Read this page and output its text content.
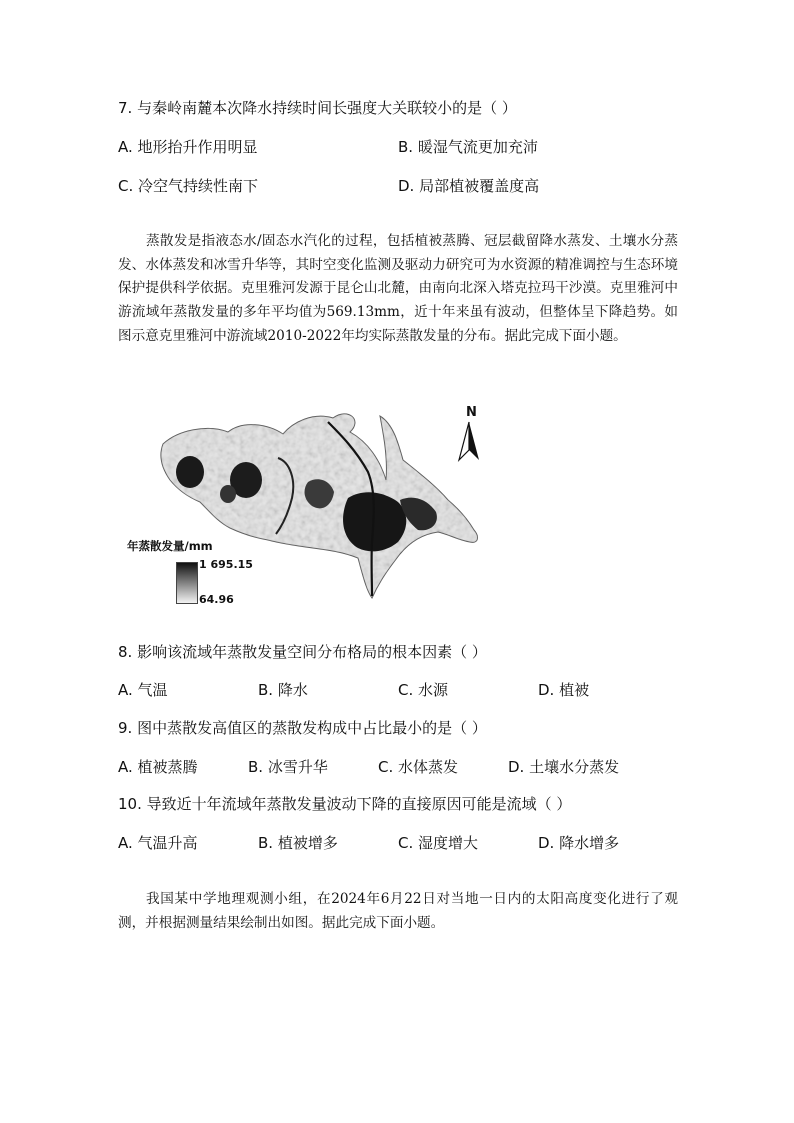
7. 与秦岭南麓本次降水持续时间长强度大关联较小的是（ ）
A. 地形抬升作用明显	B. 暖湿气流更加充沛
C. 冷空气持续性南下	D. 局部植被覆盖度高
蒸散发是指液态水/固态水汽化的过程，包括植被蒸腾、冠层截留降水蒸发、土壤水分蒸发、水体蒸发和冰雪升华等，其时空变化监测及驱动力研究可为水资源的精准调控与生态环境保护提供科学依据。克里雅河发源于昆仑山北麓，由南向北深入塔克拉玛干沙漠。克里雅河中游流域年蒸散发量的多年平均值为569.13mm，近十年来虽有波动，但整体呈下降趋势。如图示意克里雅河中游流域2010-2022年均实际蒸散发量的分布。据此完成下面小题。
年蒸散发量/mm
1 695.15
64.96
N
8. 影响该流域年蒸散发量空间分布格局的根本因素（ ）
A. 气温	B. 降水	C. 水源	D. 植被
9. 图中蒸散发高值区的蒸散发构成中占比最小的是（ ）
A. 植被蒸腾	B. 冰雪升华	C. 水体蒸发	D. 土壤水分蒸发
10. 导致近十年流域年蒸散发量波动下降的直接原因可能是流域（ ）
A. 气温升高	B. 植被增多	C. 湿度增大	D. 降水增多
我国某中学地理观测小组，在2024年6月22日对当地一日内的太阳高度变化进行了观测，并根据测量结果绘制出如图。据此完成下面小题。
